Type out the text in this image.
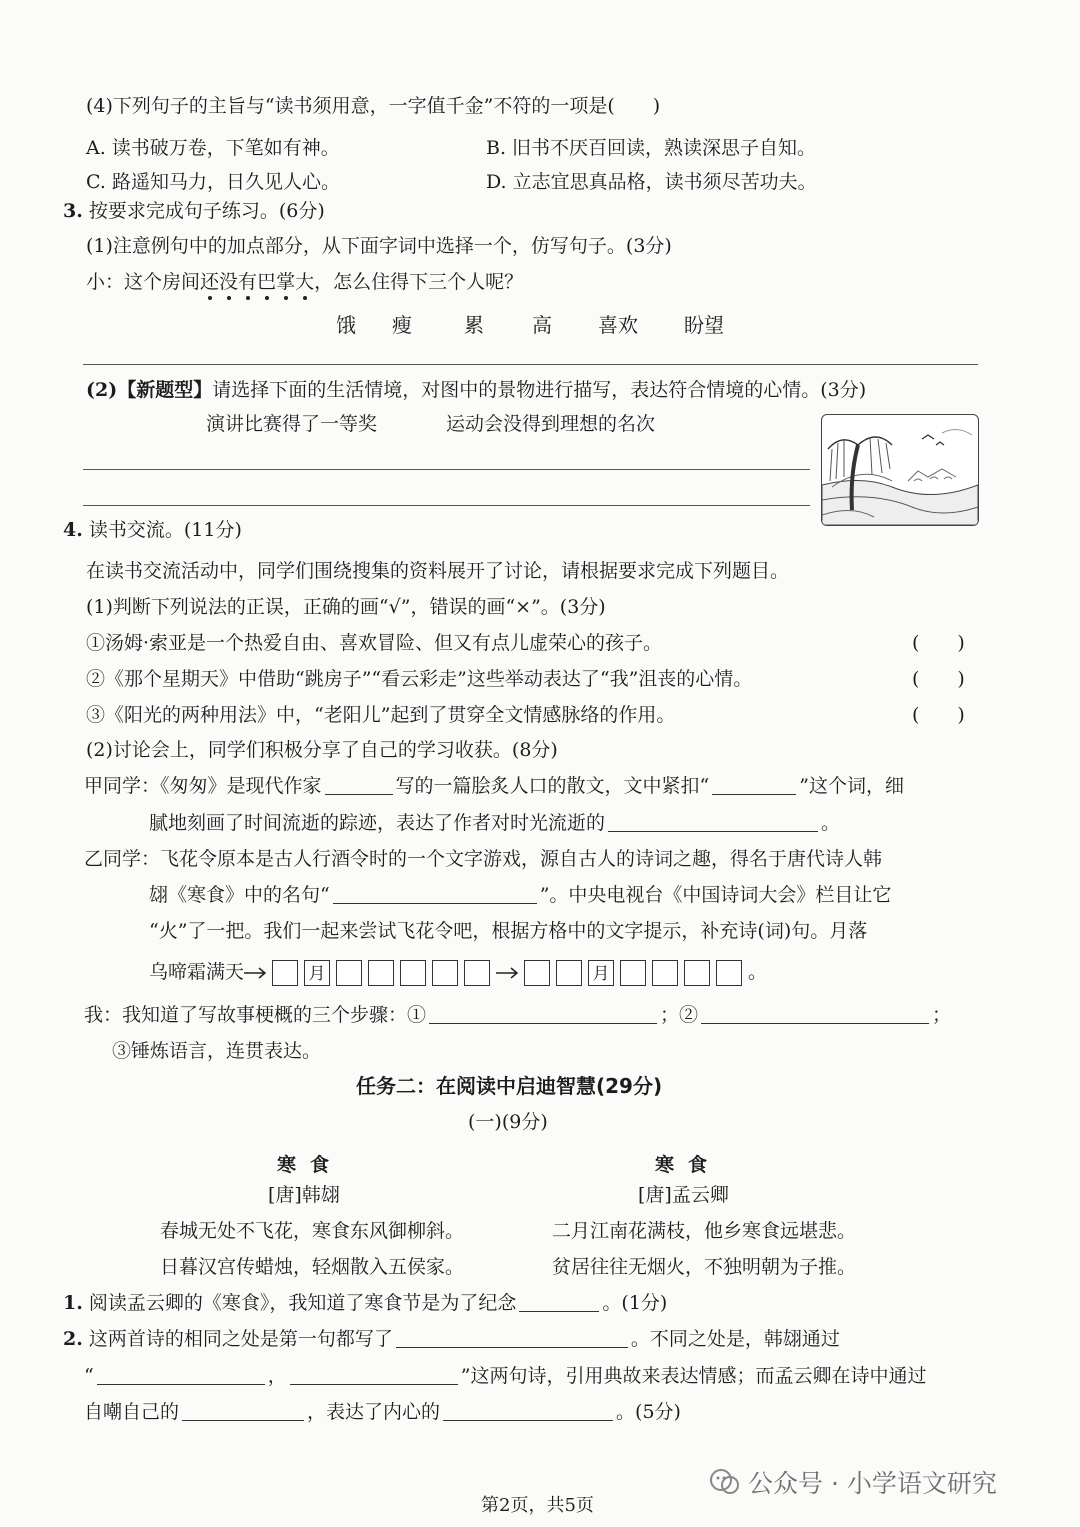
(4)下列句子的主旨与“读书须用意，一字值千金”不符的一项是(　　)
A. 读书破万卷，下笔如有神。	B. 旧书不厌百回读，熟读深思子自知。
C. 路遥知马力，日久见人心。	D. 立志宜思真品格，读书须尽苦功夫。
3. 按要求完成句子练习。(6分)
(1)注意例句中的加点部分，从下面字词中选择一个，仿写句子。(3分)
小：这个房间还没有巴掌大，怎么住得下三个人呢？
饿 瘦	累 高 喜欢 盼望
(2)【新题型】请选择下面的生活情境，对图中的景物进行描写，表达符合情境的心情。(3分)
演讲比赛得了一等奖	运动会没得到理想的名次
4. 读书交流。(11分)
在读书交流活动中，同学们围绕搜集的资料展开了讨论，请根据要求完成下列题目。
(1)判断下列说法的正误，正确的画“√”，错误的画“×”。(3分)
①汤姆·索亚是一个热爱自由、喜欢冒险、但又有点儿虚荣心的孩子。	(　　)
②《那个星期天》中借助“跳房子”“看云彩走”这些举动表达了“我”沮丧的心情。	(　　)
③《阳光的两种用法》中，“老阳儿”起到了贯穿全文情感脉络的作用。	(　　)
(2)讨论会上，同学们积极分享了自己的学习收获。(8分)
甲同学：《匆匆》是现代作家	写的一篇脍炙人口的散文，文中紧扣“	”这个词，细
腻地刻画了时间流逝的踪迹，表达了作者对时光流逝的	。
乙同学：飞花令原本是古人行酒令时的一个文字游戏，源自古人的诗词之趣，得名于唐代诗人韩
翃《寒食》中的名句“	”。中央电视台《中国诗词大会》栏目让它
“火”了一把。我们一起来尝试飞花令吧，根据方格中的文字提示，补充诗(词)句。月落
乌啼霜满天	月	月	。
我：我知道了写故事梗概的三个步骤：①	；②	；
③锤炼语言，连贯表达。
任务二：在阅读中启迪智慧(29分)
(一)(9分)
寒食
[唐]韩翃
春城无处不飞花，寒食东风御柳斜。
日暮汉宫传蜡烛，轻烟散入五侯家。
寒食
[唐]孟云卿
二月江南花满枝，他乡寒食远堪悲。
贫居往往无烟火，不独明朝为子推。
1. 阅读孟云卿的《寒食》，我知道了寒食节是为了纪念	。(1分)
2. 这两首诗的相同之处是第一句都写了	。不同之处是，韩翃通过
“	，	”这两句诗，引用典故来表达情感；而孟云卿在诗中通过
自嘲自己的	，表达了内心的	。(5分)
公众号 · 小学语文研究
第2页，共5页
